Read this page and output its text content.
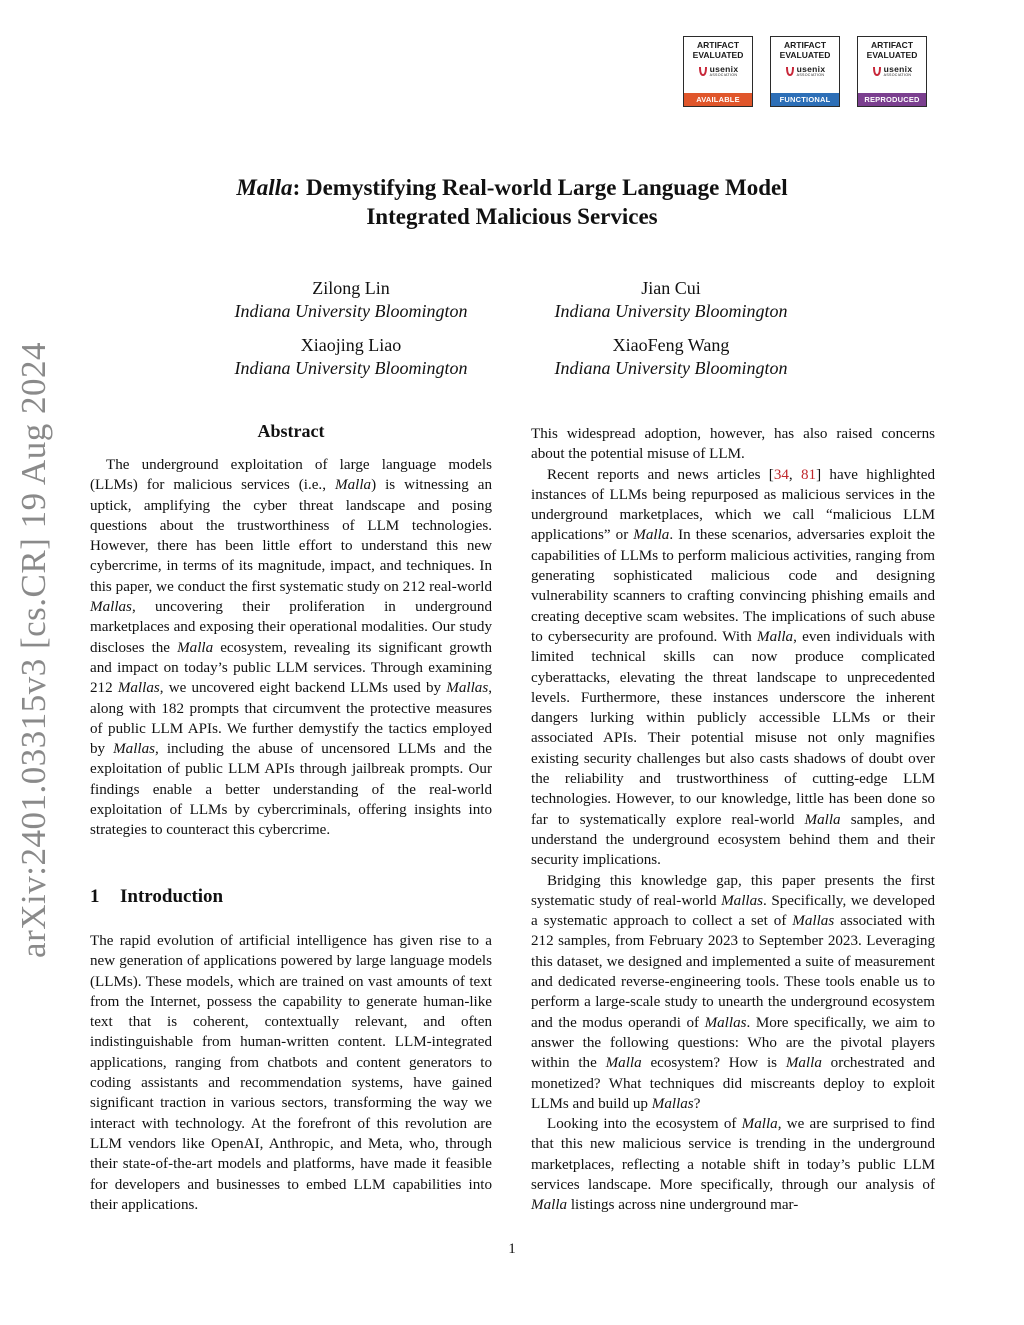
ARTIFACT
EVALUATED
usenix
ASSOCIATION
AVAILABLE
ARTIFACT
EVALUATED
usenix
ASSOCIATION
FUNCTIONAL
ARTIFACT
EVALUATED
usenix
ASSOCIATION
REPRODUCED
arXiv:2401.03315v3 [cs.CR] 19 Aug 2024
Malla: Demystifying Real-world Large Language Model
Integrated Malicious Services
Zilong Lin
Indiana University Bloomington
Jian Cui
Indiana University Bloomington
Xiaojing Liao
Indiana University Bloomington
XiaoFeng Wang
Indiana University Bloomington
Abstract

The underground exploitation of large language models (LLMs) for malicious services (i.e., Malla) is witnessing an uptick, amplifying the cyber threat landscape and posing questions about the trustworthiness of LLM technologies. However, there has been little effort to understand this new cybercrime, in terms of its magnitude, impact, and techniques. In this paper, we conduct the first systematic study on 212 real-world Mallas, uncovering their proliferation in underground marketplaces and exposing their operational modalities. Our study discloses the Malla ecosystem, revealing its significant growth and impact on today’s public LLM services. Through examining 212 Mallas, we uncovered eight backend LLMs used by Mallas, along with 182 prompts that circumvent the protective measures of public LLM APIs. We further demystify the tactics employed by Mallas, including the abuse of uncensored LLMs and the exploitation of public LLM APIs through jailbreak prompts. Our findings enable a better understanding of the real-world exploitation of LLMs by cybercriminals, offering insights into strategies to counteract this cybercrime.

1 Introduction

The rapid evolution of artificial intelligence has given rise to a new generation of applications powered by large language models (LLMs). These models, which are trained on vast amounts of text from the Internet, possess the capability to generate human-like text that is coherent, contextually relevant, and often indistinguishable from human-written content. LLM-integrated applications, ranging from chatbots and content generators to coding assistants and recommendation systems, have gained significant traction in various sectors, transforming the way we interact with technology. At the forefront of this revolution are LLM vendors like OpenAI, Anthropic, and Meta, who, through their state-of-the-art models and platforms, have made it feasible for developers and businesses to embed LLM capabilities into their applications.

This widespread adoption, however, has also raised concerns about the potential misuse of LLM.

Recent reports and news articles [34, 81] have highlighted instances of LLMs being repurposed as malicious services in the underground marketplaces, which we call “malicious LLM applications” or Malla. In these scenarios, adversaries exploit the capabilities of LLMs to perform malicious activities, ranging from generating sophisticated malicious code and designing vulnerability scanners to crafting convincing phishing emails and creating deceptive scam websites. The implications of such abuse to cybersecurity are profound. With Malla, even individuals with limited technical skills can now produce complicated cyberattacks, elevating the threat landscape to unprecedented levels. Furthermore, these instances underscore the inherent dangers lurking within publicly accessible LLMs or their associated APIs. Their potential misuse not only magnifies existing security challenges but also casts shadows of doubt over the reliability and trustworthiness of cutting-edge LLM technologies. However, to our knowledge, little has been done so far to systematically explore real-world Malla samples, and understand the underground ecosystem behind them and their security implications.

Bridging this knowledge gap, this paper presents the first systematic study of real-world Mallas. Specifically, we developed a systematic approach to collect a set of Mallas associated with 212 samples, from February 2023 to September 2023. Leveraging this dataset, we designed and implemented a suite of measurement and dedicated reverse-engineering tools. These tools enable us to perform a large-scale study to unearth the underground ecosystem and the modus operandi of Mallas. More specifically, we aim to answer the following questions: Who are the pivotal players within the Malla ecosystem? How is Malla orchestrated and monetized? What techniques did miscreants deploy to exploit LLMs and build up Mallas?

Looking into the ecosystem of Malla, we are surprised to find that this new malicious service is trending in the underground marketplaces, reflecting a notable shift in today’s public LLM services landscape. More specifically, through our analysis of Malla listings across nine underground mar-

1
